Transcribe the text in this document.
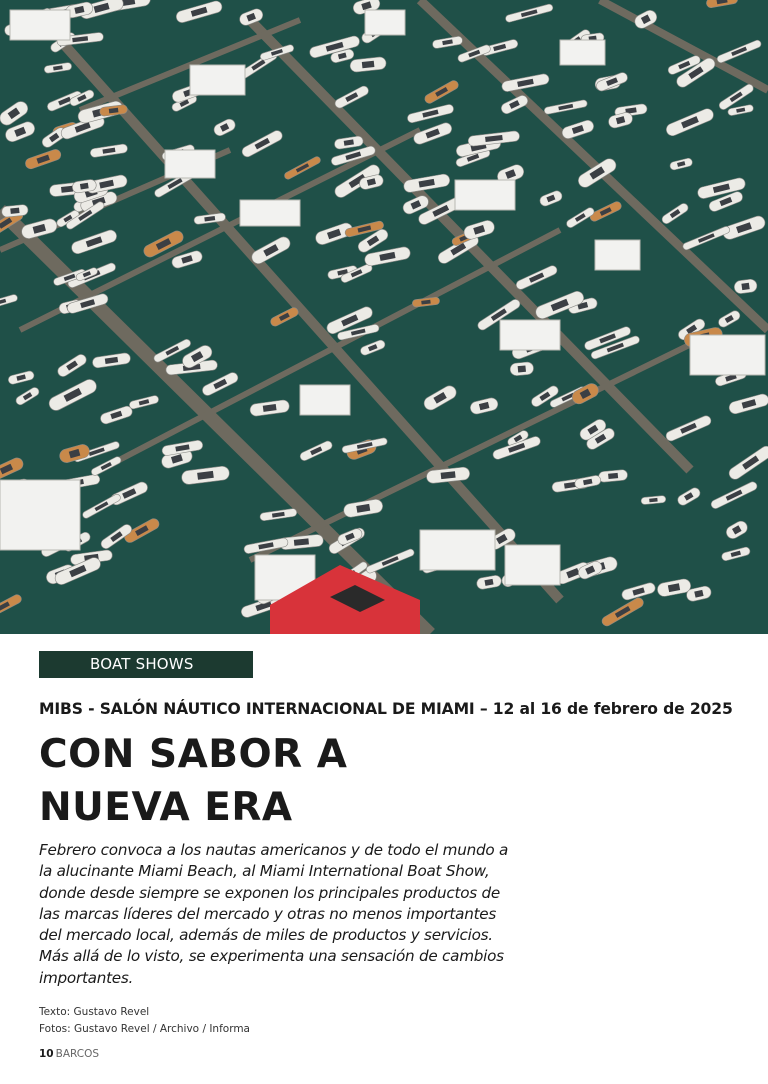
BOAT SHOWS
MIBS - SALÓN NÁUTICO INTERNACIONAL DE MIAMI – 12 al 16 de febrero de 2025
CON SABOR A
NUEVA ERA

Febrero convoca a los nautas americanos y de todo el mundo a
la alucinante Miami Beach, al Miami International Boat Show,
donde desde siempre se exponen los principales productos de
las marcas líderes del mercado y otras no menos importantes
del mercado local, además de miles de productos y servicios.
Más allá de lo visto, se experimenta una sensación de cambios
importantes.

Texto: Gustavo Revel
Fotos: Gustavo Revel / Archivo / Informa
10 BARCOS
